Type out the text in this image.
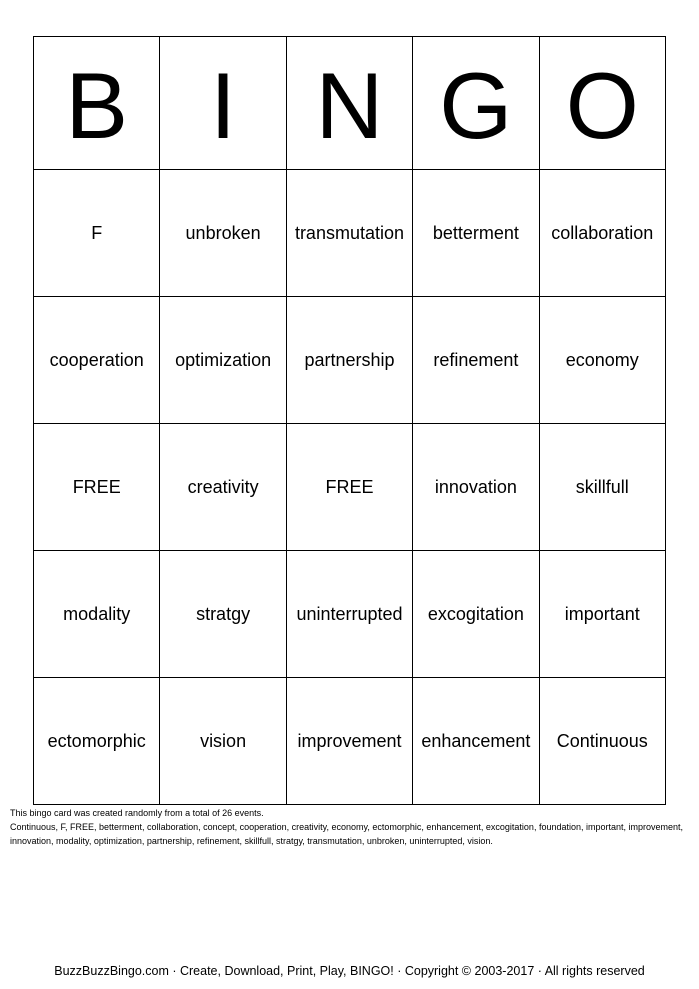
B	I	N	G	O
F	unbroken	transmutation	betterment	collaboration
cooperation	optimization	partnership	refinement	economy
FREE	creativity	FREE	innovation	skillfull
modality	stratgy	uninterrupted	excogitation	important
ectomorphic	vision	improvement	enhancement	Continuous

This bingo card was created randomly from a total of 26 events.

Continuous, F, FREE, betterment, collaboration, concept, cooperation, creativity, economy, ectomorphic, enhancement, excogitation, foundation, important, improvement, innovation, modality, optimization, partnership, refinement, skillfull, stratgy, transmutation, unbroken, uninterrupted, vision.

BuzzBuzzBingo.com · Create, Download, Print, Play, BINGO! · Copyright © 2003-2017 · All rights reserved
